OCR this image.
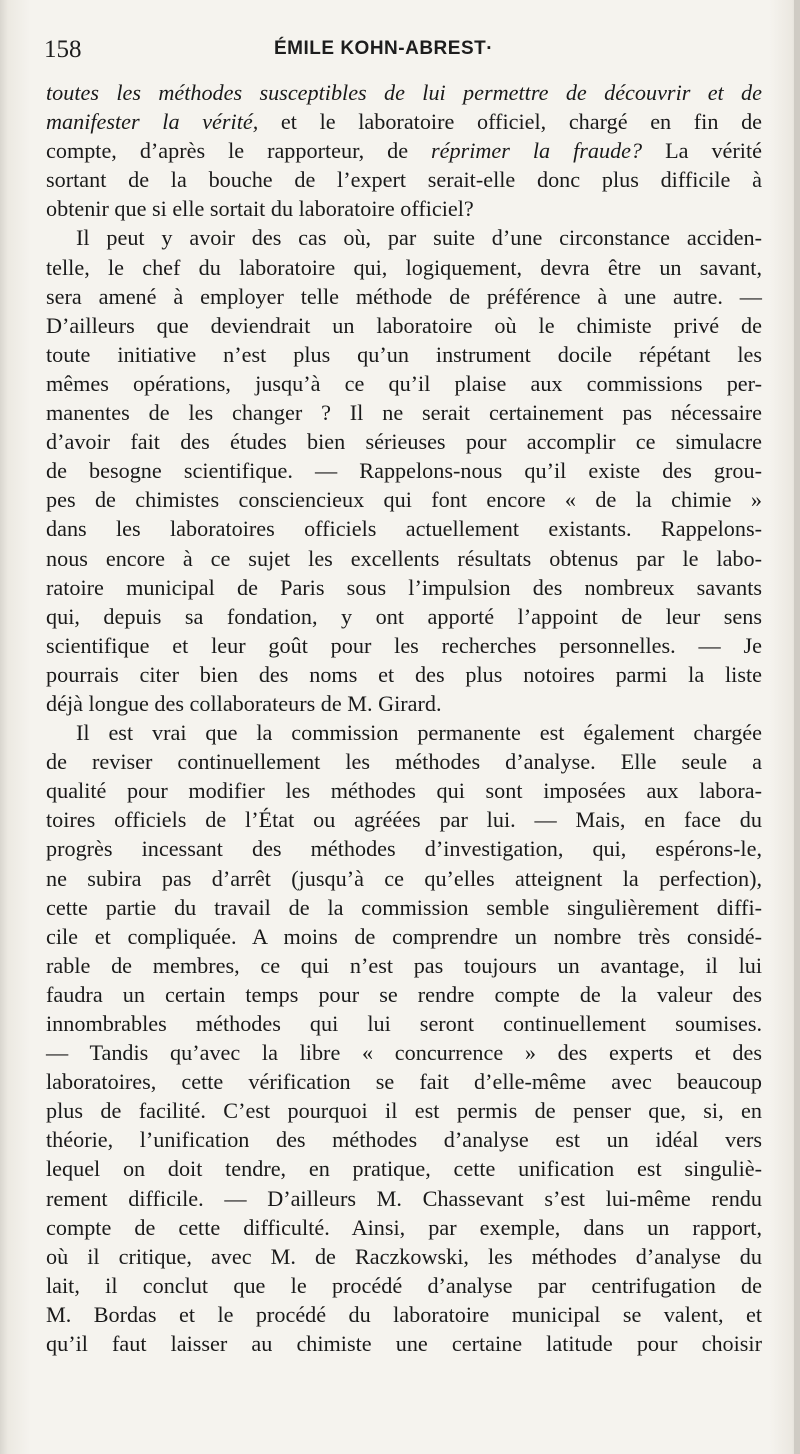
158	ÉMILE KOHN-ABREST·
toutes les méthodes susceptibles de lui permettre de découvrir et de
manifester la vérité, et le laboratoire officiel, chargé en fin de
compte, d’après le rapporteur, de réprimer la fraude? La vérité
sortant de la bouche de l’expert serait-elle donc plus difficile à
obtenir que si elle sortait du laboratoire officiel?
Il peut y avoir des cas où, par suite d’une circonstance acciden-
telle, le chef du laboratoire qui, logiquement, devra être un savant,
sera amené à employer telle méthode de préférence à une autre. —
D’ailleurs que deviendrait un laboratoire où le chimiste privé de
toute initiative n’est plus qu’un instrument docile répétant les
mêmes opérations, jusqu’à ce qu’il plaise aux commissions per-
manentes de les changer ? Il ne serait certainement pas nécessaire
d’avoir fait des études bien sérieuses pour accomplir ce simulacre
de besogne scientifique. — Rappelons-nous qu’il existe des grou-
pes de chimistes consciencieux qui font encore « de la chimie »
dans les laboratoires officiels actuellement existants. Rappelons-
nous encore à ce sujet les excellents résultats obtenus par le labo-
ratoire municipal de Paris sous l’impulsion des nombreux savants
qui, depuis sa fondation, y ont apporté l’appoint de leur sens
scientifique et leur goût pour les recherches personnelles. — Je
pourrais citer bien des noms et des plus notoires parmi la liste
déjà longue des collaborateurs de M. Girard.
Il est vrai que la commission permanente est également chargée
de reviser continuellement les méthodes d’analyse. Elle seule a
qualité pour modifier les méthodes qui sont imposées aux labora-
toires officiels de l’État ou agréées par lui. — Mais, en face du
progrès incessant des méthodes d’investigation, qui, espérons-le,
ne subira pas d’arrêt (jusqu’à ce qu’elles atteignent la perfection),
cette partie du travail de la commission semble singulièrement diffi-
cile et compliquée. A moins de comprendre un nombre très considé-
rable de membres, ce qui n’est pas toujours un avantage, il lui
faudra un certain temps pour se rendre compte de la valeur des
innombrables méthodes qui lui seront continuellement soumises.
— Tandis qu’avec la libre « concurrence » des experts et des
laboratoires, cette vérification se fait d’elle-même avec beaucoup
plus de facilité. C’est pourquoi il est permis de penser que, si, en
théorie, l’unification des méthodes d’analyse est un idéal vers
lequel on doit tendre, en pratique, cette unification est singuliè-
rement difficile. — D’ailleurs M. Chassevant s’est lui-même rendu
compte de cette difficulté. Ainsi, par exemple, dans un rapport,
où il critique, avec M. de Raczkowski, les méthodes d’analyse du
lait, il conclut que le procédé d’analyse par centrifugation de
M. Bordas et le procédé du laboratoire municipal se valent, et
qu’il faut laisser au chimiste une certaine latitude pour choisir
